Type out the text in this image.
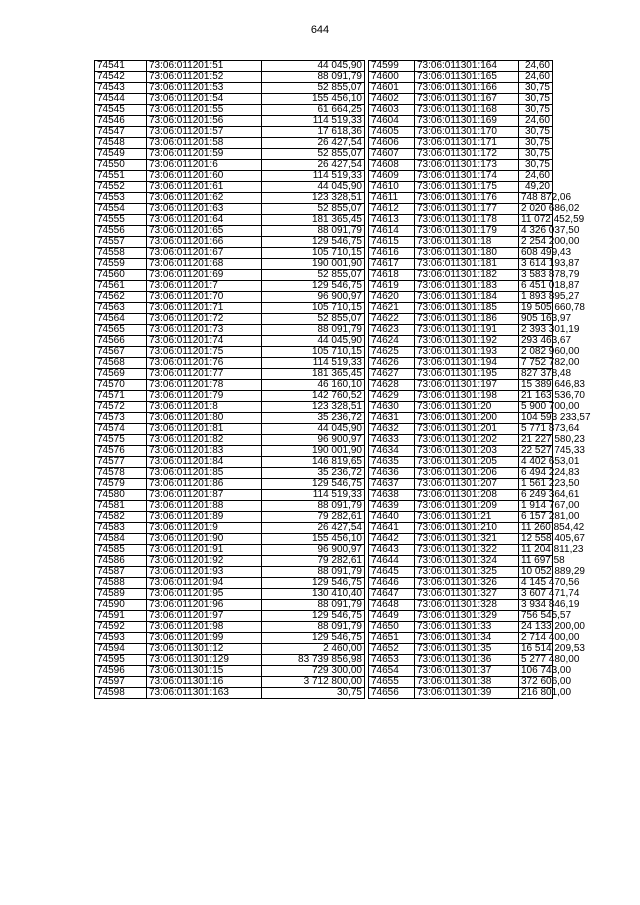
644
74541	73:06:011201:51	44 045,90
74542	73:06:011201:52	88 091,79
74543	73:06:011201:53	52 855,07
74544	73:06:011201:54	155 456,10
74545	73:06:011201:55	61 664,25
74546	73:06:011201:56	114 519,33
74547	73:06:011201:57	17 618,36
74548	73:06:011201:58	26 427,54
74549	73:06:011201:59	52 855,07
74550	73:06:011201:6	26 427,54
74551	73:06:011201:60	114 519,33
74552	73:06:011201:61	44 045,90
74553	73:06:011201:62	123 328,51
74554	73:06:011201:63	52 855,07
74555	73:06:011201:64	181 365,45
74556	73:06:011201:65	88 091,79
74557	73:06:011201:66	129 546,75
74558	73:06:011201:67	105 710,15
74559	73:06:011201:68	190 001,90
74560	73:06:011201:69	52 855,07
74561	73:06:011201:7	129 546,75
74562	73:06:011201:70	96 900,97
74563	73:06:011201:71	105 710,15
74564	73:06:011201:72	52 855,07
74565	73:06:011201:73	88 091,79
74566	73:06:011201:74	44 045,90
74567	73:06:011201:75	105 710,15
74568	73:06:011201:76	114 519,33
74569	73:06:011201:77	181 365,45
74570	73:06:011201:78	46 160,10
74571	73:06:011201:79	142 760,52
74572	73:06:011201:8	123 328,51
74573	73:06:011201:80	35 236,72
74574	73:06:011201:81	44 045,90
74575	73:06:011201:82	96 900,97
74576	73:06:011201:83	190 001,90
74577	73:06:011201:84	146 819,65
74578	73:06:011201:85	35 236,72
74579	73:06:011201:86	129 546,75
74580	73:06:011201:87	114 519,33
74581	73:06:011201:88	88 091,79
74582	73:06:011201:89	79 282,61
74583	73:06:011201:9	26 427,54
74584	73:06:011201:90	155 456,10
74585	73:06:011201:91	96 900,97
74586	73:06:011201:92	79 282,61
74587	73:06:011201:93	88 091,79
74588	73:06:011201:94	129 546,75
74589	73:06:011201:95	130 410,40
74590	73:06:011201:96	88 091,79
74591	73:06:011201:97	129 546,75
74592	73:06:011201:98	88 091,79
74593	73:06:011201:99	129 546,75
74594	73:06:011301:12	2 460,00
74595	73:06:011301:129	83 739 856,98
74596	73:06:011301:15	729 300,00
74597	73:06:011301:16	3 712 800,00
74598	73:06:011301:163	30,75
74599	73:06:011301:164	24,60
74600	73:06:011301:165	24,60
74601	73:06:011301:166	30,75
74602	73:06:011301:167	30,75
74603	73:06:011301:168	30,75
74604	73:06:011301:169	24,60
74605	73:06:011301:170	30,75
74606	73:06:011301:171	30,75
74607	73:06:011301:172	30,75
74608	73:06:011301:173	30,75
74609	73:06:011301:174	24,60
74610	73:06:011301:175	49,20
74611	73:06:011301:176	748 872,06
74612	73:06:011301:177	2 020 686,02
74613	73:06:011301:178	11 072 452,59
74614	73:06:011301:179	4 326 037,50
74615	73:06:011301:18	2 254 200,00
74616	73:06:011301:180	608 499,43
74617	73:06:011301:181	3 614 193,87
74618	73:06:011301:182	3 583 878,79
74619	73:06:011301:183	6 451 018,87
74620	73:06:011301:184	1 893 895,27
74621	73:06:011301:185	19 505 660,78
74622	73:06:011301:186	905 163,97
74623	73:06:011301:191	2 393 301,19
74624	73:06:011301:192	293 463,67
74625	73:06:011301:193	2 082 960,00
74626	73:06:011301:194	7 752 782,00
74627	73:06:011301:195	827 378,48
74628	73:06:011301:197	15 389 646,83
74629	73:06:011301:198	21 163 536,70
74630	73:06:011301:20	5 900 700,00
74631	73:06:011301:200	104 593 233,57
74632	73:06:011301:201	5 771 873,64
74633	73:06:011301:202	21 227 580,23
74634	73:06:011301:203	22 527 745,33
74635	73:06:011301:205	4 402 653,01
74636	73:06:011301:206	6 494 224,83
74637	73:06:011301:207	1 561 223,50
74638	73:06:011301:208	6 249 364,61
74639	73:06:011301:209	1 914 767,00
74640	73:06:011301:21	6 157 281,00
74641	73:06:011301:210	11 260 854,42
74642	73:06:011301:321	12 558 405,67
74643	73:06:011301:322	11 204 811,23
74644	73:06:011301:324	11 697,58
74645	73:06:011301:325	10 052 889,29
74646	73:06:011301:326	4 145 470,56
74647	73:06:011301:327	3 607 471,74
74648	73:06:011301:328	3 934 846,19
74649	73:06:011301:329	756 545,57
74650	73:06:011301:33	24 133 200,00
74651	73:06:011301:34	2 714 400,00
74652	73:06:011301:35	16 514 209,53
74653	73:06:011301:36	5 277 480,00
74654	73:06:011301:37	106 743,00
74655	73:06:011301:38	372 606,00
74656	73:06:011301:39	216 801,00
